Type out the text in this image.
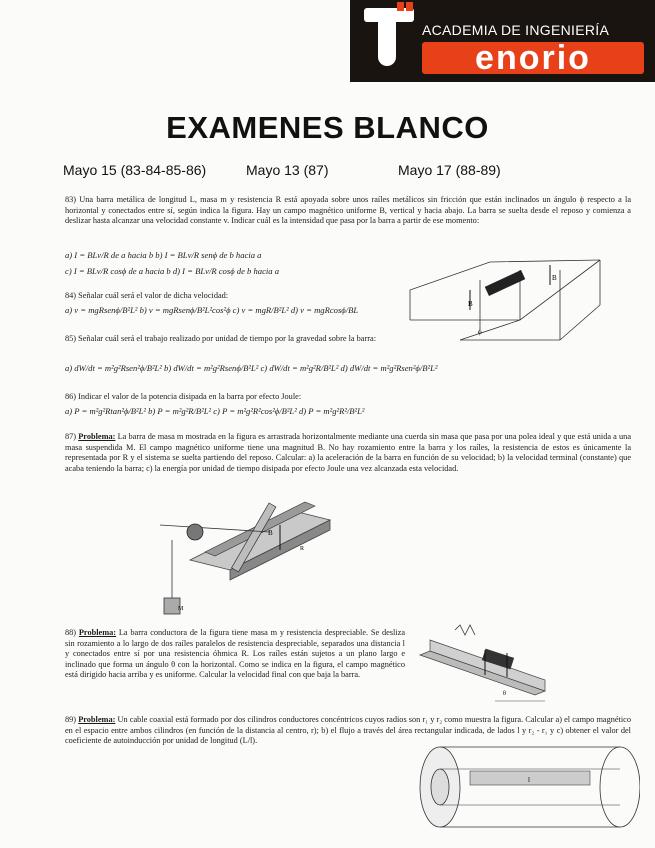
ACADEMIA DE INGENIERÍA
enorio
EXAMENES BLANCO
Mayo 15 (83-84-85-86)	Mayo 13 (87)	Mayo 17 (88-89)
83) Una barra metálica de longitud L, masa m y resistencia R está apoyada sobre unos raíles metálicos sin fricción que están inclinados un ángulo ϕ respecto a la horizontal y conectados entre sí, según indica la figura. Hay un campo magnético uniforme B, vertical y hacia abajo. La barra se suelta desde el reposo y comienza a deslizar hasta alcanzar una velocidad constante v. Indicar cuál es la intensidad que pasa por la barra a partir de ese momento:
a) I = BLv/R de a hacia b b) I = BLv/R senϕ de b hacia a
c) I = BLv/R cosϕ de a hacia b d) I = BLv/R cosϕ de b hacia a
B
B
ϕ
84) Señalar cuál será el valor de dicha velocidad:
a) v = mgRsenϕ/B²L² b) v = mgRsenϕ/B²L²cos²ϕ c) v = mgR/B²L² d) v = mgRcosϕ/BL
85) Señalar cuál será el trabajo realizado por unidad de tiempo por la gravedad sobre la barra:
a) dW/dt = m²g²Rsen²ϕ/B²L² b) dW/dt = m²g²Rsenϕ/B²L² c) dW/dt = m²g²R/B²L² d) dW/dt = m²g²Rsen²ϕ/B²L²
86) Indicar el valor de la potencia disipada en la barra por efecto Joule:
a) P = m²g²Rtan²ϕ/B²L² b) P = m²g²R/B²L² c) P = m²g²R²cos²ϕ/B²L² d) P = m²g²R²/B²L²
87) Problema: La barra de masa m mostrada en la figura es arrastrada horizontalmente mediante una cuerda sin masa que pasa por una polea ideal y que está unida a una masa suspendida M. El campo magnético uniforme tiene una magnitud B. No hay rozamiento entre la barra y los raíles, la resistencia de estos es únicamente la representada por R y el sistema se suelta partiendo del reposo. Calcular: a) la aceleración de la barra en función de su velocidad; b) la velocidad terminal (constante) que acaba teniendo la barra; c) la energía por unidad de tiempo disipada por efecto Joule una vez alcanzada esta velocidad.
B
R
M
88) Problema: La barra conductora de la figura tiene masa m y resistencia despreciable. Se desliza sin rozamiento a lo largo de dos raíles paralelos de resistencia despreciable, separados una distancia l y conectados entre sí por una resistencia óhmica R. Los raíles están sujetos a un plano largo e inclinado que forma un ángulo θ con la horizontal. Como se indica en la figura, el campo magnético está dirigido hacia arriba y es uniforme. Calcular la velocidad final con que baja la barra.
θ
89) Problema: Un cable coaxial está formado por dos cilindros conductores concéntricos cuyos radios son r₁ y r₂ como muestra la figura. Calcular a) el campo magnético en el espacio entre ambos cilindros (en función de la distancia al centro, r); b) el flujo a través del área rectangular indicada, de lados l y r₂ - r₁ y c) obtener el valor del coeficiente de autoinducción por unidad de longitud (L/l).
l
